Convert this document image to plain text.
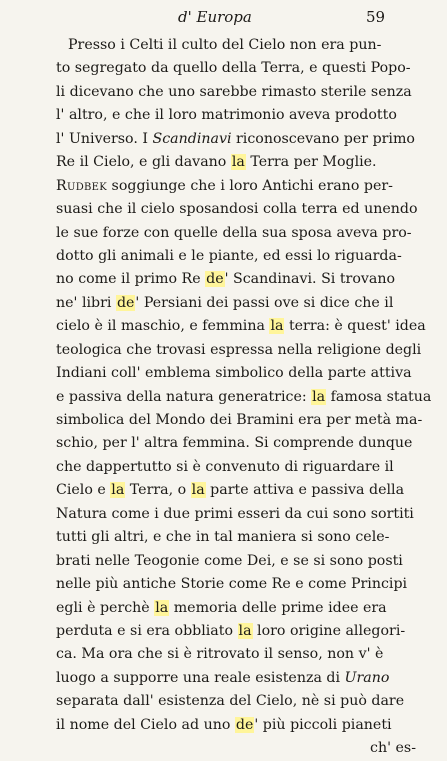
d' Europa	59
Presso i Celti il culto del Cielo non era pun-
to segregato da quello della Terra, e questi Popo-
li dicevano che uno sarebbe rimasto sterile senza
l' altro, e che il loro matrimonio aveva prodotto
l' Universo. I Scandinavi riconoscevano per primo
Re il Cielo, e gli davano la Terra per Moglie.
Rudbek soggiunge che i loro Antichi erano per-
suasi che il cielo sposandosi colla terra ed unendo
le sue forze con quelle della sua sposa aveva pro-
dotto gli animali e le piante, ed essi lo riguarda-
no come il primo Re de' Scandinavi. Si trovano
ne' libri de' Persiani dei passi ove si dice che il
cielo è il maschio, e femmina la terra: è quest' idea
teologica che trovasi espressa nella religione degli
Indiani coll' emblema simbolico della parte attiva
e passiva della natura generatrice: la famosa statua
simbolica del Mondo dei Bramini era per metà ma-
schio, per l' altra femmina. Si comprende dunque
che dappertutto si è convenuto di riguardare il
Cielo e la Terra, o la parte attiva e passiva della
Natura come i due primi esseri da cui sono sortiti
tutti gli altri, e che in tal maniera si sono cele-
brati nelle Teogonie come Dei, e se si sono posti
nelle più antiche Storie come Re e come Principi
egli è perchè la memoria delle prime idee era
perduta e si era obbliato la loro origine allegori-
ca. Ma ora che si è ritrovato il senso, non v' è
luogo a supporre una reale esistenza di Urano
separata dall' esistenza del Cielo, nè si può dare
il nome del Cielo ad uno de' più piccoli pianeti
ch' es-
